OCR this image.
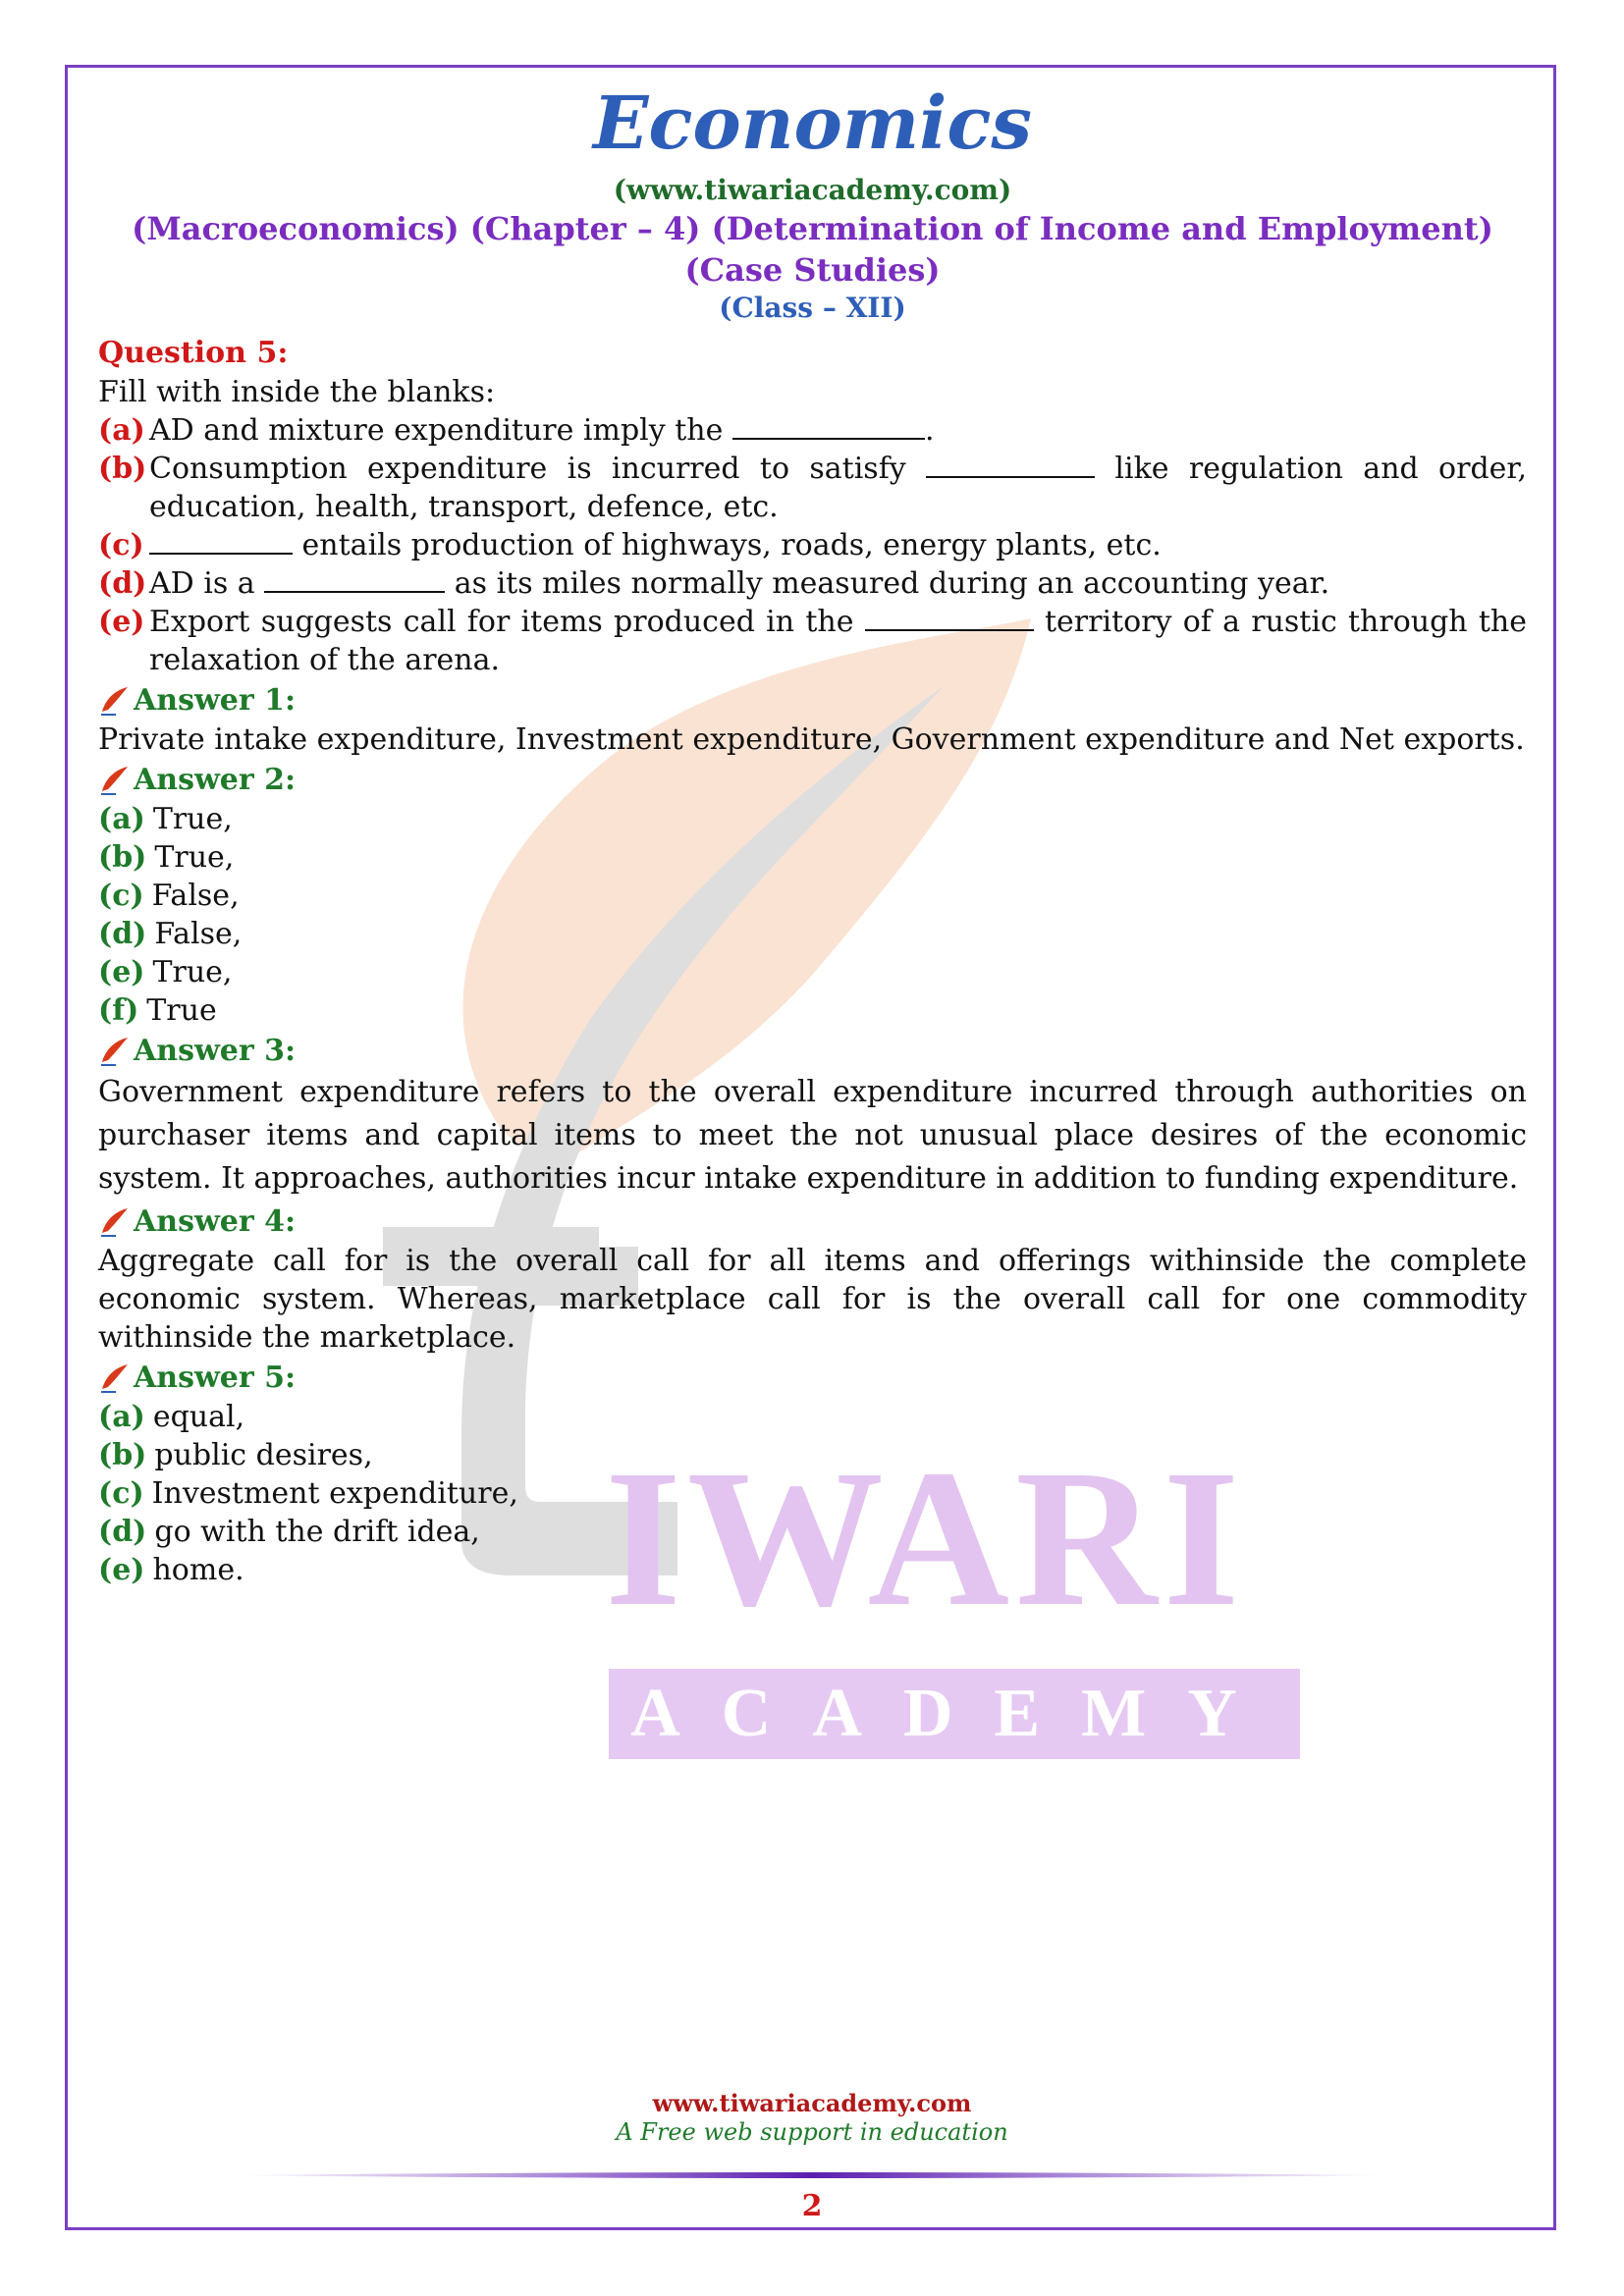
IWARI
ACADEMY
Economics
(www.tiwariacademy.com)
(Macroeconomics) (Chapter – 4) (Determination of Income and Employment) (Case Studies)
(Class – XII)
Question 5:
Fill with inside the blanks:
(a) AD and mixture expenditure imply the	.
(b) Consumption expenditure is incurred to satisfy	like regulation and order, education, health, transport, defence, etc.
(c)	entails production of highways, roads, energy plants, etc.
(d) AD is a	as its miles normally measured during an accounting year.
(e) Export suggests call for items produced in the	territory of a rustic through the relaxation of the arena.
Answer 1:
Private intake expenditure, Investment expenditure, Government expenditure and Net exports.
Answer 2:
(a) True,
(b) True,
(c) False,
(d) False,
(e) True,
(f) True
Answer 3:
Government expenditure refers to the overall expenditure incurred through authorities on purchaser items and capital items to meet the not unusual place desires of the economic system. It approaches, authorities incur intake expenditure in addition to funding expenditure.
Answer 4:
Aggregate call for is the overall call for all items and offerings withinside the complete economic system. Whereas, marketplace call for is the overall call for one commodity withinside the marketplace.
Answer 5:
(a) equal,
(b) public desires,
(c) Investment expenditure,
(d) go with the drift idea,
(e) home.
www.tiwariacademy.com
A Free web support in education
2
